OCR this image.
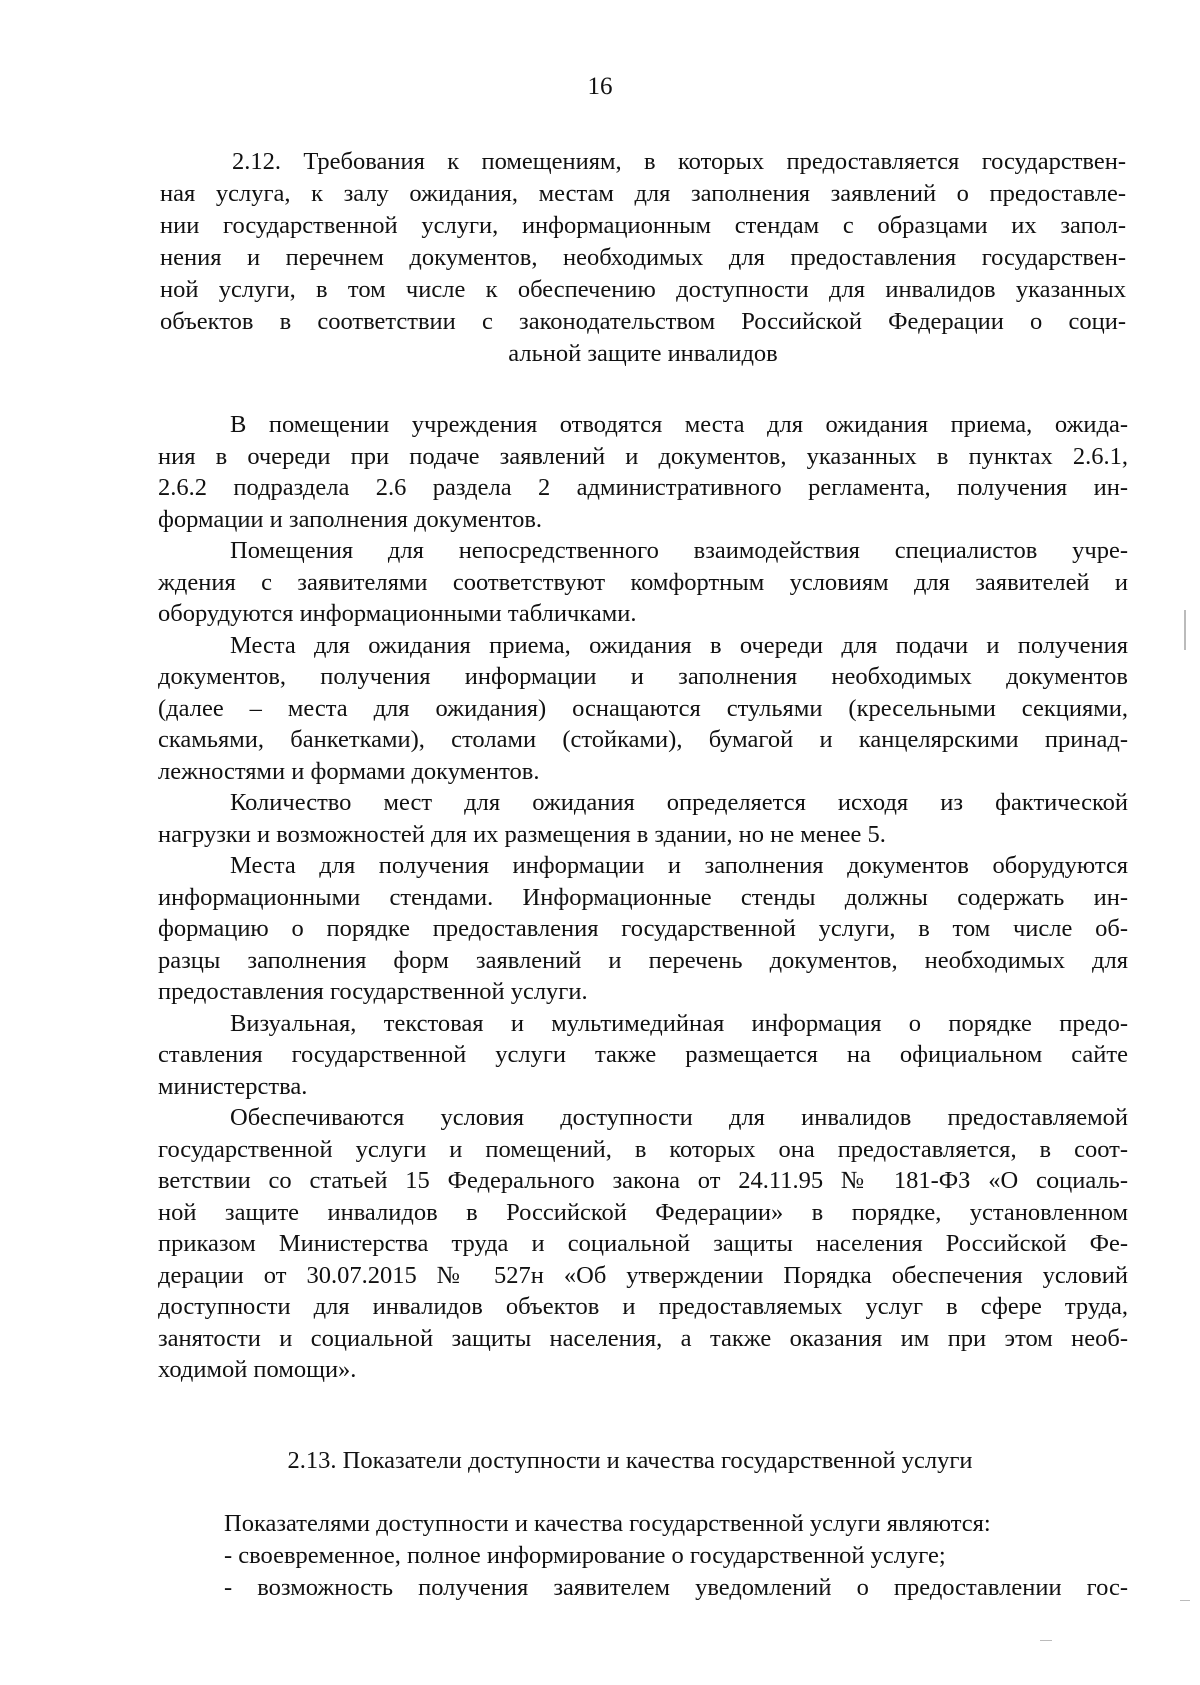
16
2.12. Требования к помещениям, в которых предоставляется государствен-
ная услуга, к залу ожидания, местам для заполнения заявлений о предоставле-
нии государственной услуги, информационным стендам с образцами их запол-
нения и перечнем документов, необходимых для предоставления государствен-
ной услуги, в том числе к обеспечению доступности для инвалидов указанных
объектов в соответствии с законодательством Российской Федерации о соци-
альной защите инвалидов
В помещении учреждения отводятся места для ожидания приема, ожида-
ния в очереди при подаче заявлений и документов, указанных в пунктах 2.6.1,
2.6.2 подраздела 2.6 раздела 2 административного регламента, получения ин-
формации и заполнения документов.
Помещения для непосредственного взаимодействия специалистов учре-
ждения с заявителями соответствуют комфортным условиям для заявителей и
оборудуются информационными табличками.
Места для ожидания приема, ожидания в очереди для подачи и получения
документов, получения информации и заполнения необходимых документов
(далее – места для ожидания) оснащаются стульями (кресельными секциями,
скамьями, банкетками), столами (стойками), бумагой и канцелярскими принад-
лежностями и формами документов.
Количество мест для ожидания определяется исходя из фактической
нагрузки и возможностей для их размещения в здании, но не менее 5.
Места для получения информации и заполнения документов оборудуются
информационными стендами. Информационные стенды должны содержать ин-
формацию о порядке предоставления государственной услуги, в том числе об-
разцы заполнения форм заявлений и перечень документов, необходимых для
предоставления государственной услуги.
Визуальная, текстовая и мультимедийная информация о порядке предо-
ставления государственной услуги также размещается на официальном сайте
министерства.
Обеспечиваются условия доступности для инвалидов предоставляемой
государственной услуги и помещений, в которых она предоставляется, в соот-
ветствии со статьей 15 Федерального закона от 24.11.95 № 181-ФЗ «О социаль-
ной защите инвалидов в Российской Федерации» в порядке, установленном
приказом Министерства труда и социальной защиты населения Российской Фе-
дерации от 30.07.2015 № 527н «Об утверждении Порядка обеспечения условий
доступности для инвалидов объектов и предоставляемых услуг в сфере труда,
занятости и социальной защиты населения, а также оказания им при этом необ-
ходимой помощи».
2.13. Показатели доступности и качества государственной услуги
Показателями доступности и качества государственной услуги являются:
- своевременное, полное информирование о государственной услуге;
- возможность получения заявителем уведомлений о предоставлении гос-
